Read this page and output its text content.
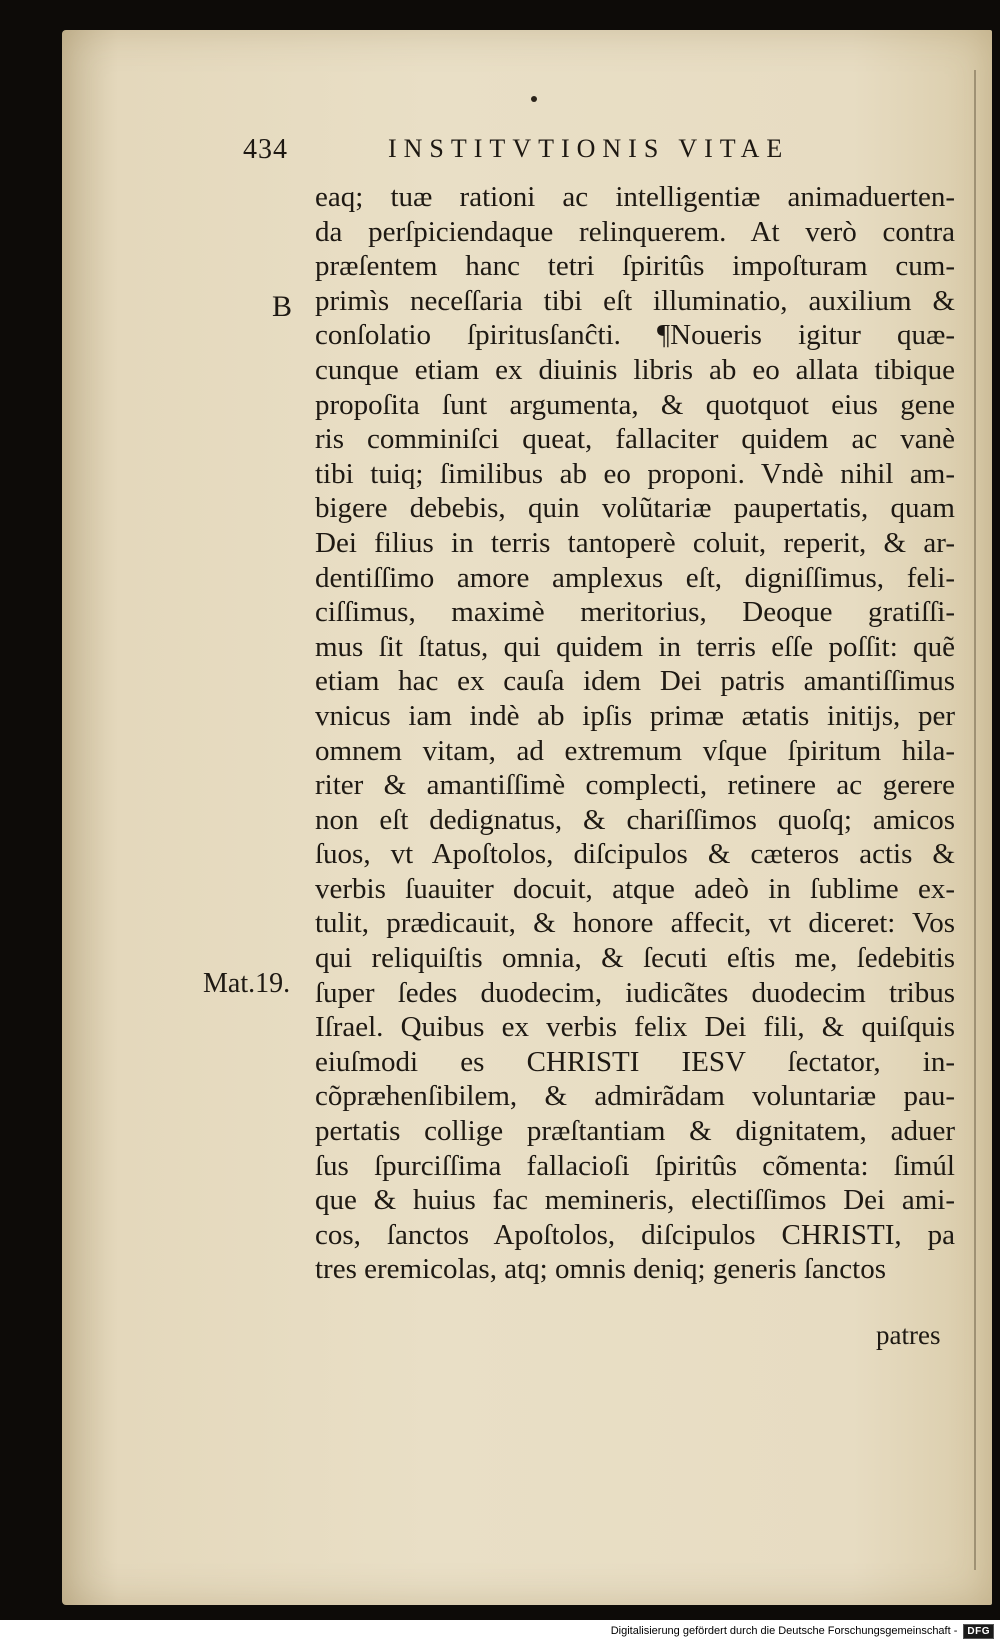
434	INSTITVTIONIS VITAE
B
Mat.19.
eaq; tuæ rationi ac intelligentiæ animaduerten-
da perſpiciendaque relinquerem. At verò contra
præſentem hanc tetri ſpiritûs impoſturam cum-
primìs neceſſaria tibi eſt illuminatio, auxilium &
conſolatio ſpiritusſanĉti. ¶Noueris igitur quæ-
cunque etiam ex diuinis libris ab eo allata tibique
propoſita ſunt argumenta, & quotquot eius gene
ris comminiſci queat, fallaciter quidem ac vanè
tibi tuiq; ſimilibus ab eo proponi. Vndè nihil am-
bigere debebis, quin volũtariæ paupertatis, quam
Dei filius in terris tantoperè coluit, reperit, & ar-
dentiſſimo amore amplexus eſt, digniſſimus, feli-
ciſſimus, maximè meritorius, Deoque gratiſſi-
mus ſit ſtatus, qui quidem in terris eſſe poſſit: quẽ
etiam hac ex cauſa idem Dei patris amantiſſimus
vnicus iam indè ab ipſis primæ ætatis initijs, per
omnem vitam, ad extremum vſque ſpiritum hila-
riter & amantiſſimè complecti, retinere ac gerere
non eſt dedignatus, & chariſſimos quoſq; amicos
ſuos, vt Apoſtolos, diſcipulos & cæteros actis &
verbis ſuauiter docuit, atque adeò in ſublime ex-
tulit, prædicauit, & honore affecit, vt diceret: Vos
qui reliquiſtis omnia, & ſecuti eſtis me, ſedebitis
ſuper ſedes duodecim, iudicãtes duodecim tribus
Iſrael. Quibus ex verbis felix Dei fili, & quiſquis
eiuſmodi es CHRISTI IESV ſectator, in-
cõpræhenſibilem, & admirãdam voluntariæ pau-
pertatis collige præſtantiam & dignitatem, aduer
ſus ſpurciſſima fallacioſi ſpiritûs cõmenta: ſimúl
que & huius fac memineris, electiſſimos Dei ami-
cos, ſanctos Apoſtolos, diſcipulos CHRISTI, pa
tres eremicolas, atq; omnis deniq; generis ſanctos
patres
Digitalisierung gefördert durch die Deutsche Forschungsgemeinschaft -	DFG
